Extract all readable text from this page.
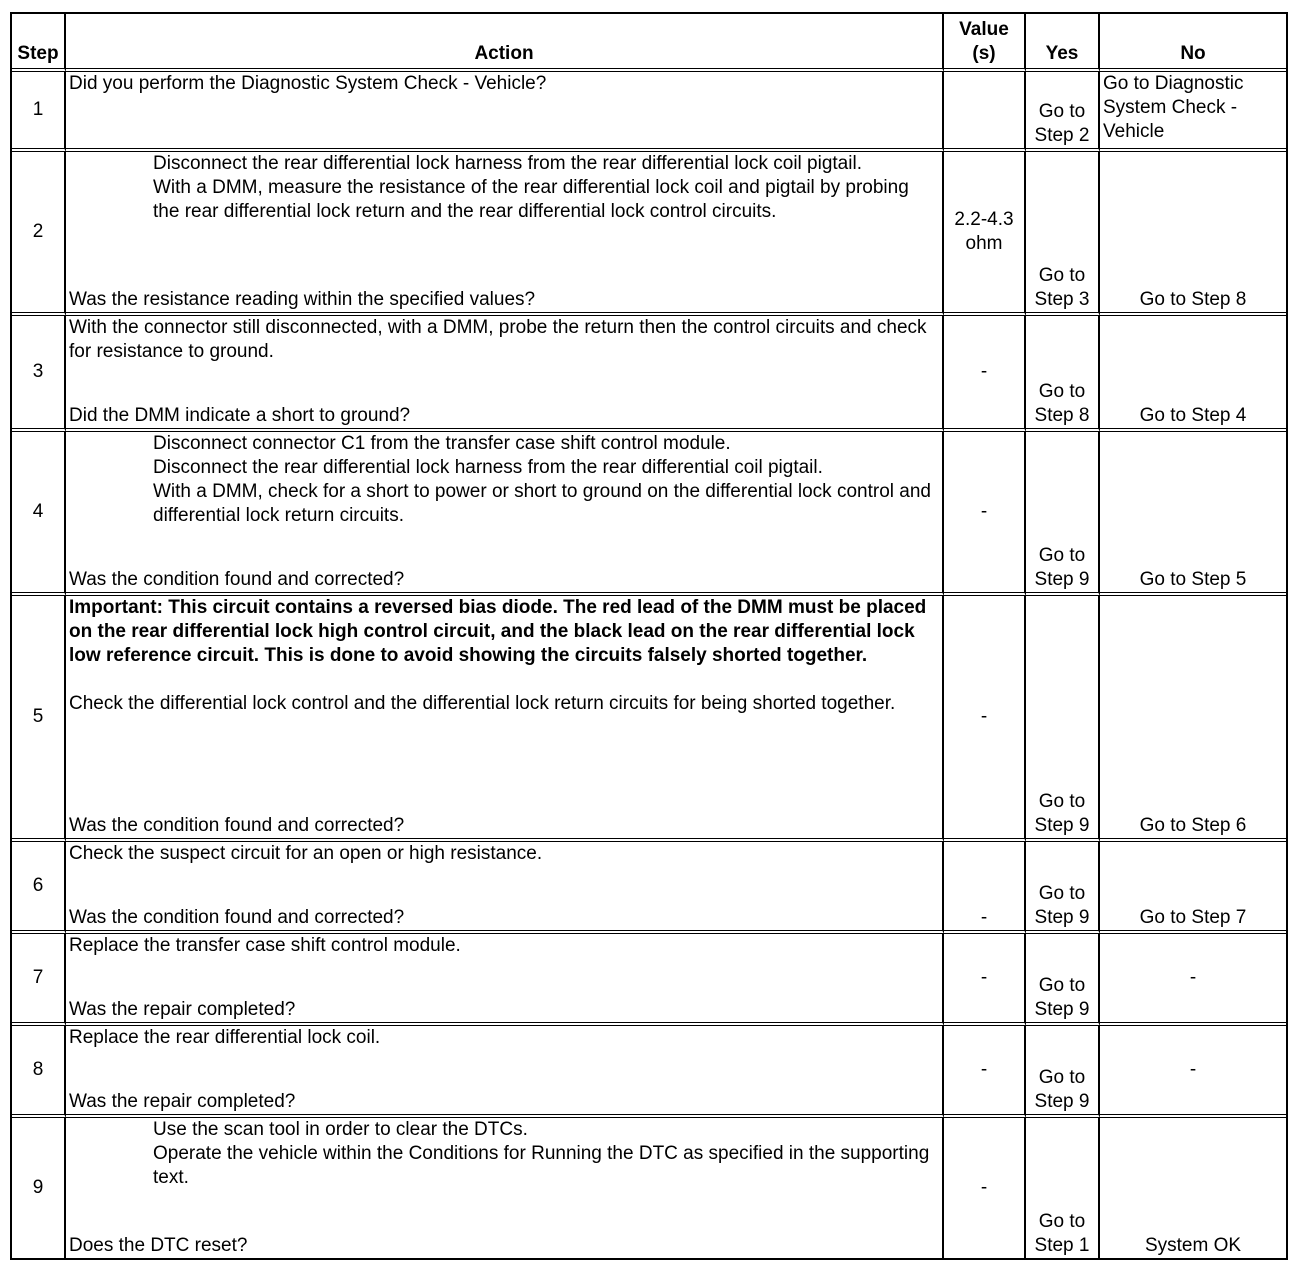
Step	Action	Value (s)	Yes	No
1	Did you perform the Diagnostic System Check - Vehicle?		Go to Step 2	Go to Diagnostic System Check - Vehicle
2	Disconnect the rear differential lock harness from the rear differential lock coil pigtail.
With a DMM, measure the resistance of the rear differential lock coil and pigtail by probing the rear differential lock return and the rear differential lock control circuits.
Was the resistance reading within the specified values?	2.2-4.3 ohm	Go to Step 3	Go to Step 8
3	With the connector still disconnected, with a DMM, probe the return then the control circuits and check for resistance to ground.
Did the DMM indicate a short to ground?	-	Go to Step 8	Go to Step 4
4	Disconnect connector C1 from the transfer case shift control module.
Disconnect the rear differential lock harness from the rear differential coil pigtail.
With a DMM, check for a short to power or short to ground on the differential lock control and differential lock return circuits.
Was the condition found and corrected?	-	Go to Step 9	Go to Step 5
5	Important: This circuit contains a reversed bias diode. The red lead of the DMM must be placed on the rear differential lock high control circuit, and the black lead on the rear differential lock low reference circuit. This is done to avoid showing the circuits falsely shorted together.
Check the differential lock control and the differential lock return circuits for being shorted together.
Was the condition found and corrected?	-	Go to Step 9	Go to Step 6
6	Check the suspect circuit for an open or high resistance.
Was the condition found and corrected?	-	Go to Step 9	Go to Step 7
7	Replace the transfer case shift control module.
Was the repair completed?	-	Go to Step 9	-
8	Replace the rear differential lock coil.
Was the repair completed?	-	Go to Step 9	-
9	Use the scan tool in order to clear the DTCs.
Operate the vehicle within the Conditions for Running the DTC as specified in the supporting text.
Does the DTC reset?	-	Go to Step 1	System OK
